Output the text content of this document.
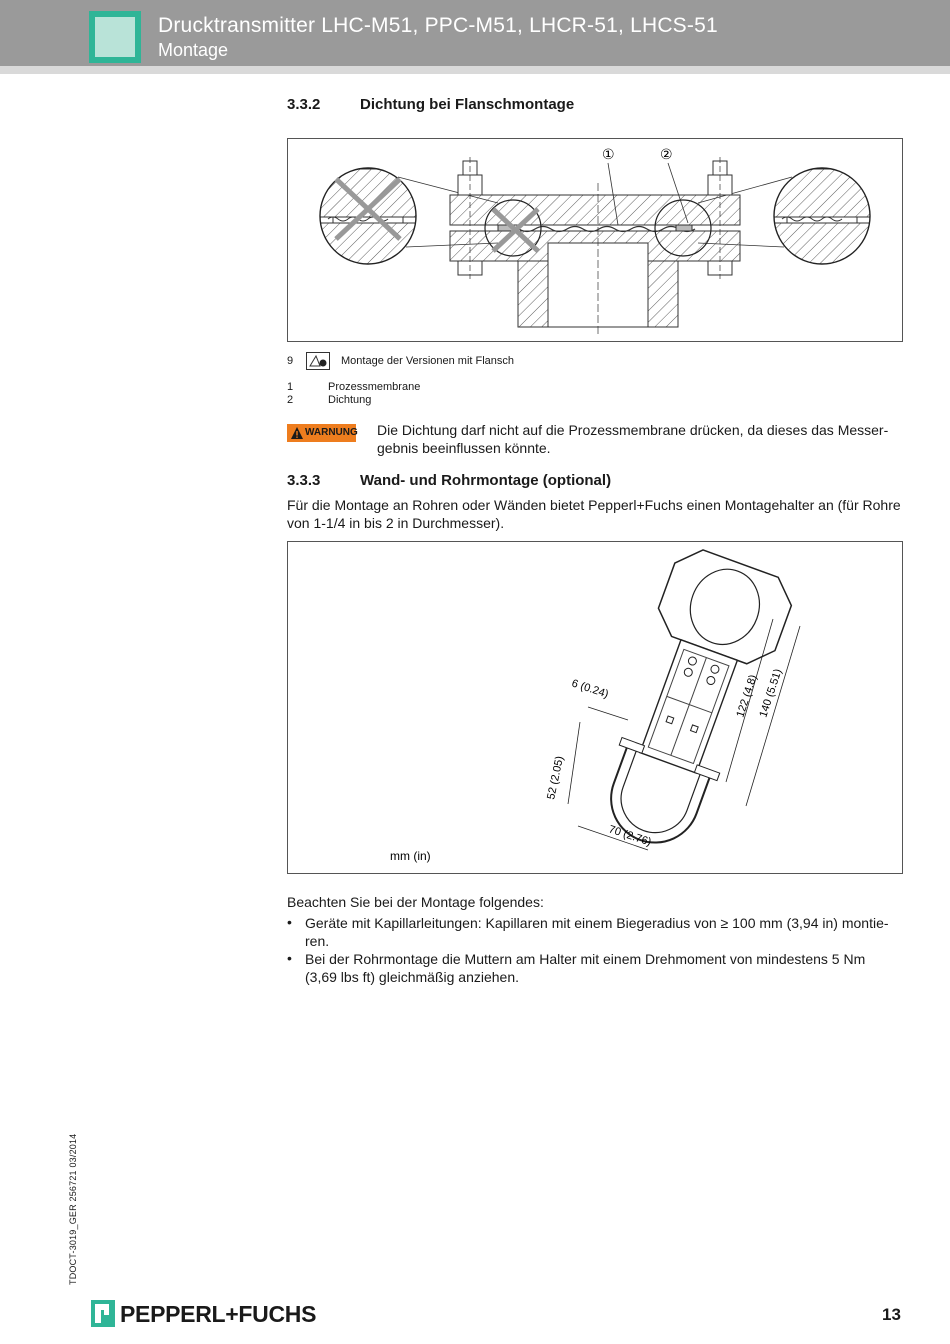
Drucktransmitter LHC-M51, PPC-M51, LHCR-51, LHCS-51
Montage
3.3.2	Dichtung bei Flanschmontage
①	②
9	Montage der Versionen mit Flansch
1	Prozessmembrane
2	Dichtung
WARNUNG Die Dichtung darf nicht auf die Prozessmembrane drücken, da dieses das Messer-
gebnis beeinflussen könnte.
3.3.3	Wand- und Rohrmontage (optional)
Für die Montage an Rohren oder Wänden bietet Pepperl+Fuchs einen Montagehalter an (für Rohre
von 1-1/4 in bis 2 in Durchmesser).
6 (0.24)	122 (4.8)
140 (5.51)
52 (2.05)
70 (2.76)
mm (in)
Beachten Sie bei der Montage folgendes:
• Geräte mit Kapillarleitungen: Kapillaren mit einem Biegeradius von ≥ 100 mm (3,94 in) montie-
ren.
• Bei der Rohrmontage die Muttern am Halter mit einem Drehmoment von mindestens 5 Nm
(3,69 lbs ft) gleichmäßig anziehen.
TDOCT-3019_GER 256721 03/2014
PEPPERL+FUCHS	13
